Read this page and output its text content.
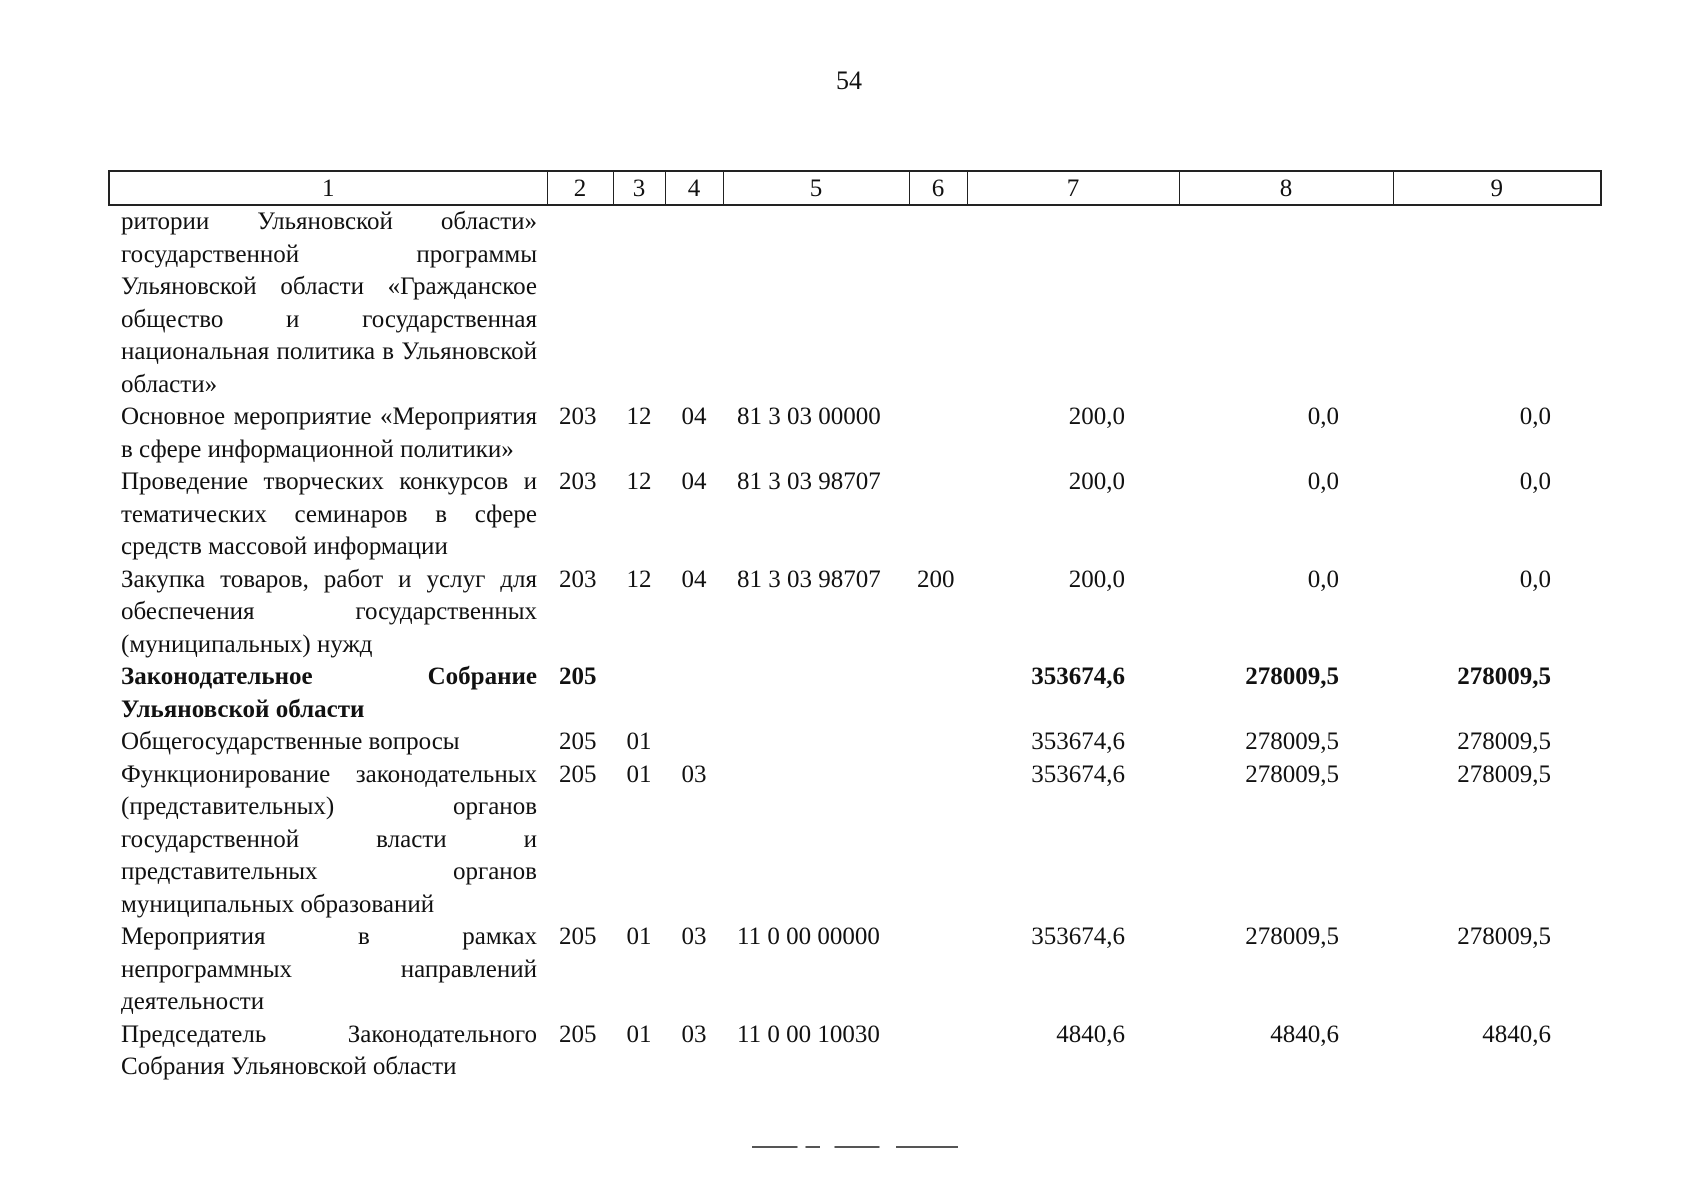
54
1	2	3	4	5	6	7	8	9
ритории Ульяновской области» государственной программы Ульяновской области «Гражданское общество и государственная национальная политика в Ульяновской области»								
Основное мероприятие «Мероприятия в сфере информационной политики»	203	12	04	81 3 03 00000		200,0	0,0	0,0
Проведение творческих конкурсов и тематических семинаров в сфере средств массовой информации	203	12	04	81 3 03 98707		200,0	0,0	0,0
Закупка товаров, работ и услуг для обеспечения государственных (муниципальных) нужд	203	12	04	81 3 03 98707	200	200,0	0,0	0,0
Законодательное Собрание Ульяновской области	205					353674,6	278009,5	278009,5
Общегосударственные вопросы	205	01				353674,6	278009,5	278009,5
Функционирование законодательных (представительных) органов государственной власти и представительных органов муниципальных образований	205	01	03			353674,6	278009,5	278009,5
Мероприятия в рамках непрограммных направлений деятельности	205	01	03	11 0 00 00000		353674,6	278009,5	278009,5
Председатель Законодательного Собрания Ульяновской области	205	01	03	11 0 00 10030		4840,6	4840,6	4840,6
